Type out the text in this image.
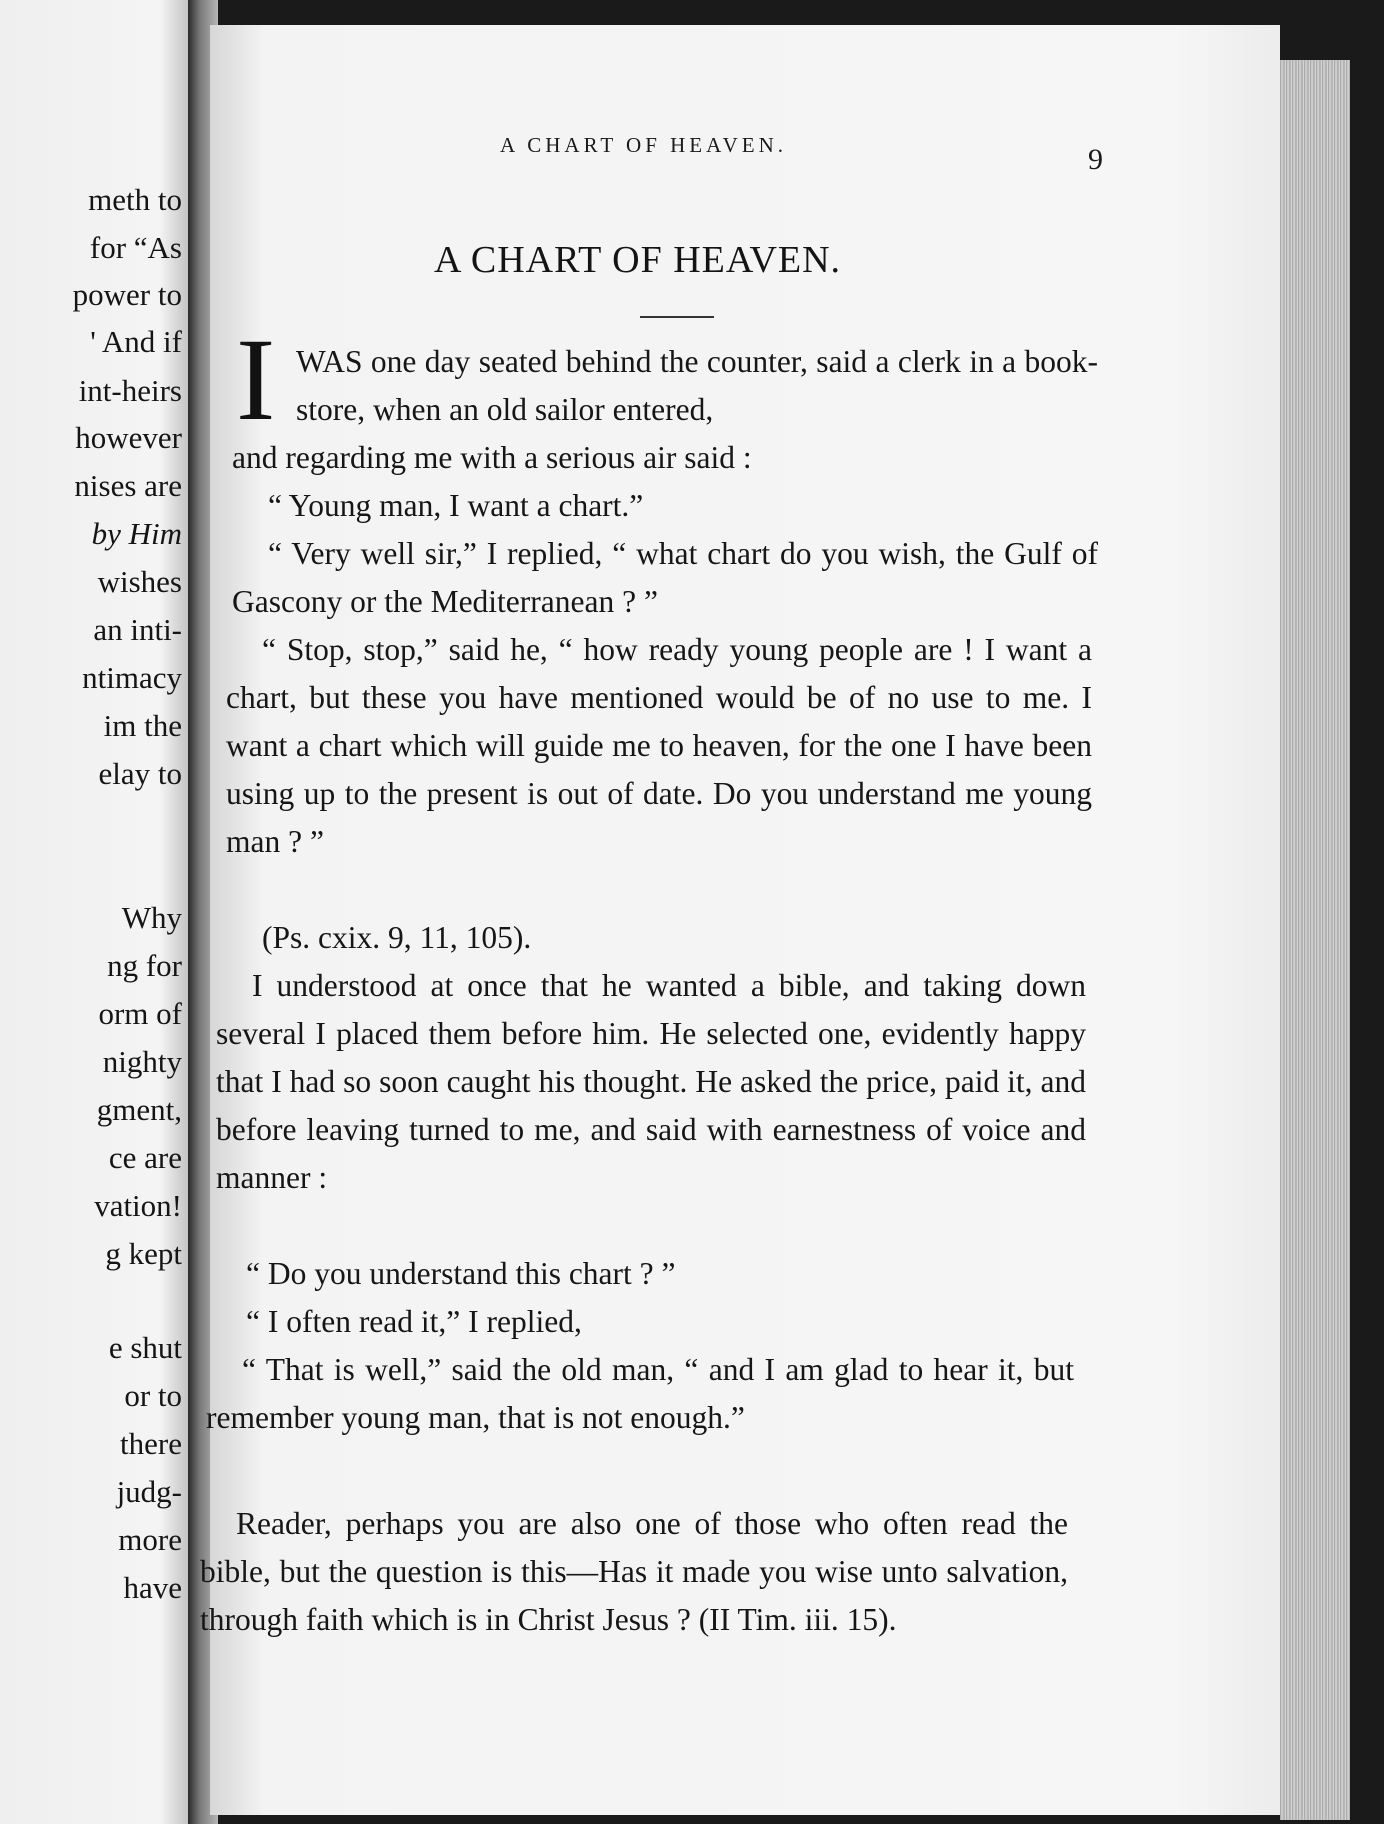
meth to
for “As
power to
' And if
int-heirs
however
nises are
by Him
wishes
an inti-
ntimacy
im the
elay to
Why
ng for
orm of
nighty
gment,
ce are
vation!
g kept
e shut
or to
there
judg-
more
have
A CHART OF HEAVEN.	9
A CHART OF HEAVEN.
I WAS one day seated behind the counter, said a clerk in a book-store, when an old sailor entered,
and regarding me with a serious air said :
“ Young man, I want a chart.”
“ Very well sir,” I replied, “ what chart do you wish, the Gulf of Gascony or the Mediterranean ? ”
“ Stop, stop,” said he, “ how ready young people are ! I want a chart, but these you have mentioned would be of no use to me. I want a chart which will guide me to heaven, for the one I have been using up to the present is out of date. Do you understand me young man ? ”
(Ps. cxix. 9, 11, 105).
I understood at once that he wanted a bible, and taking down several I placed them before him. He selected one, evidently happy that I had so soon caught his thought. He asked the price, paid it, and before leaving turned to me, and said with earnestness of voice and manner :
“ Do you understand this chart ? ”
“ I often read it,” I replied,
“ That is well,” said the old man, “ and I am glad to hear it, but remember young man, that is not enough.”
Reader, perhaps you are also one of those who often read the bible, but the question is this—Has it made you wise unto salvation, through faith which is in Christ Jesus ? (II Tim. iii. 15).
